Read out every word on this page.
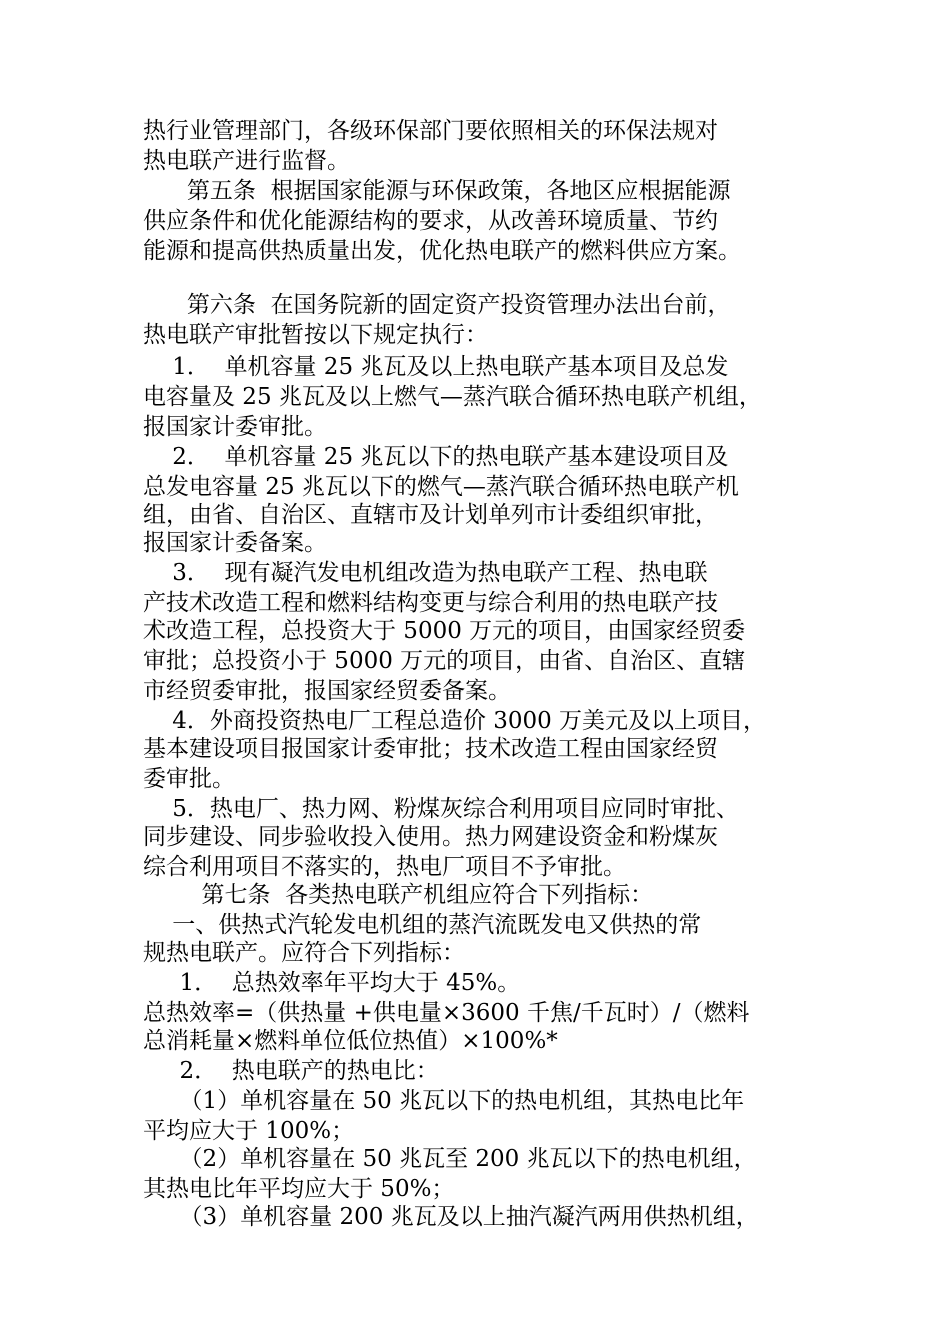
热行业管理部门，各级环保部门要依照相关的环保法规对
热电联产进行监督。
第五条  根据国家能源与环保政策，各地区应根据能源
供应条件和优化能源结构的要求，从改善环境质量、节约
能源和提高供热质量出发，优化热电联产的燃料供应方案。
第六条  在国务院新的固定资产投资管理办法出台前，
热电联产审批暂按以下规定执行：
1．  单机容量 25 兆瓦及以上热电联产基本项目及总发
电容量及 25 兆瓦及以上燃气—蒸汽联合循环热电联产机组，
报国家计委审批。
2．  单机容量 25 兆瓦以下的热电联产基本建设项目及
总发电容量 25 兆瓦以下的燃气—蒸汽联合循环热电联产机
组，由省、自治区、直辖市及计划单列市计委组织审批，
报国家计委备案。
3．  现有凝汽发电机组改造为热电联产工程、热电联
产技术改造工程和燃料结构变更与综合利用的热电联产技
术改造工程，总投资大于 5000 万元的项目，由国家经贸委
审批；总投资小于 5000 万元的项目，由省、自治区、直辖
市经贸委审批，报国家经贸委备案。
4．外商投资热电厂工程总造价 3000 万美元及以上项目，
基本建设项目报国家计委审批；技术改造工程由国家经贸
委审批。
5．热电厂、热力网、粉煤灰综合利用项目应同时审批、
同步建设、同步验收投入使用。热力网建设资金和粉煤灰
综合利用项目不落实的，热电厂项目不予审批。
第七条  各类热电联产机组应符合下列指标：
一、供热式汽轮发电机组的蒸汽流既发电又供热的常
规热电联产。应符合下列指标：
1．  总热效率年平均大于 45%。
总热效率=（供热量 +供电量×3600 千焦/千瓦时）/（燃料
总消耗量×燃料单位低位热值）×100%*
2．  热电联产的热电比：
（1）单机容量在 50 兆瓦以下的热电机组，其热电比年
平均应大于 100%；
（2）单机容量在 50 兆瓦至 200 兆瓦以下的热电机组，
其热电比年平均应大于 50%；
（3）单机容量 200 兆瓦及以上抽汽凝汽两用供热机组，
